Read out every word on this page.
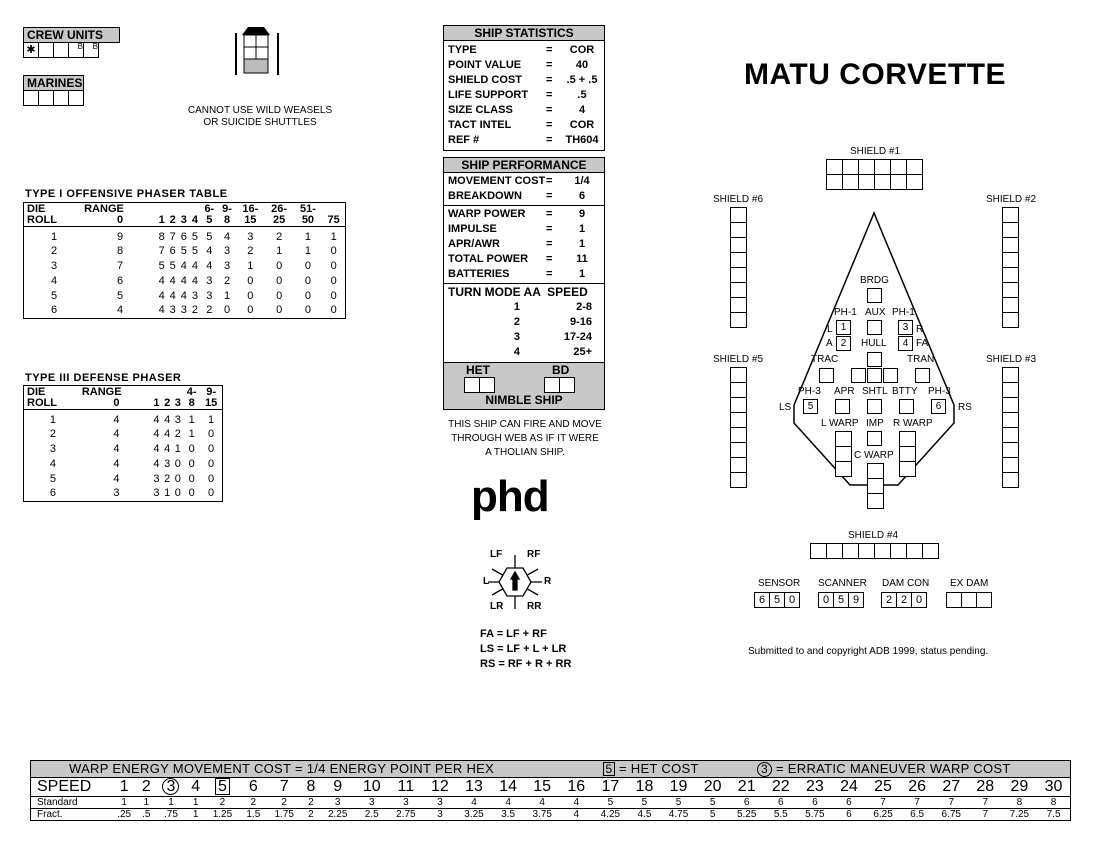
CREW UNITS
✱	B	B
MARINES
CANNOT USE WILD WEASELS
OR SUICIDE SHUTTLES
TYPE I OFFENSIVE PHASER TABLE
DIE	RANGE					6-	9-	16-	26-	51-	
ROLL	0	1	2	3	4	5	8	15	25	50	75
1	9	8	7	6	5	5	4	3	2	1	1
2	8	7	6	5	5	4	3	2	1	1	0
3	7	5	5	4	4	4	3	1	0	0	0
4	6	4	4	4	4	3	2	0	0	0	0
5	5	4	4	4	3	3	1	0	0	0	0
6	4	4	3	3	2	2	0	0	0	0	0
TYPE III DEFENSE PHASER
DIE	RANGE				4-	9-
ROLL	0	1	2	3	8	15
1	4	4	4	3	1	1
2	4	4	4	2	1	0
3	4	4	4	1	0	0
4	4	4	3	0	0	0
5	4	3	2	0	0	0
6	3	3	1	0	0	0
SHIP STATISTICS
TYPE	=	COR
POINT VALUE	=	40
SHIELD COST	=	.5 + .5
LIFE SUPPORT	=	.5
SIZE CLASS	=	4
TACT INTEL	=	COR
REF #	=	TH604
SHIP PERFORMANCE
MOVEMENT COST =	1/4
BREAKDOWN	=	6
WARP POWER	=	9
IMPULSE	=	1
APR/AWR	=	1
TOTAL POWER	=	11
BATTERIES	=	1
TURN MODE AA  SPEED
1	2-8
2	9-16
3	17-24
4	25+
HET	BD
NIMBLE SHIP
THIS SHIP CAN FIRE AND MOVE
THROUGH WEB AS IF IT WERE
A THOLIAN SHIP.
phd
LF RF
L	R
LR RR
FA = LF + RF
LS = LF + L + LR
RS = RF + R + RR
MATU CORVETTE
SHIELD #1
SHIELD #6	SHIELD #2
SHIELD #5	SHIELD #3
SHIELD #4
BRDG
PH-1 AUX PH-1
L 1	3 R
A 2	HULL	4 FA
TRAC	TRAN
PH-3 APR SHTL BTTY PH-3
LS	5	6	RS
L WARP IMP R WARP
C WARP
SENSOR
6 5 0
SCANNER
0 5 9
DAM CON
2 2 0
EX DAM
Submitted to and copyright ADB 1999, status pending.
WARP ENERGY MOVEMENT COST = 1/4 ENERGY POINT PER HEX	5 = HET COST	3 = ERRATIC MANEUVER WARP COST
SPEED	1	2	3	4	5	6	7	8	9	10	11	12	13	14	15	16	17	18	19	20	21	22	23	24	25	26	27	28	29	30
Standard	1	1	1	1	2	2	2	2	3	3	3	3	4	4	4	4	5	5	5	5	6	6	6	6	7	7	7	7	8	8
Fract.	.25	.5	.75	1	1.25	1.5	1.75	2	2.25	2.5	2.75	3	3.25	3.5	3.75	4	4.25	4.5	4.75	5	5.25	5.5	5.75	6	6.25	6.5	6.75	7	7.25	7.5
